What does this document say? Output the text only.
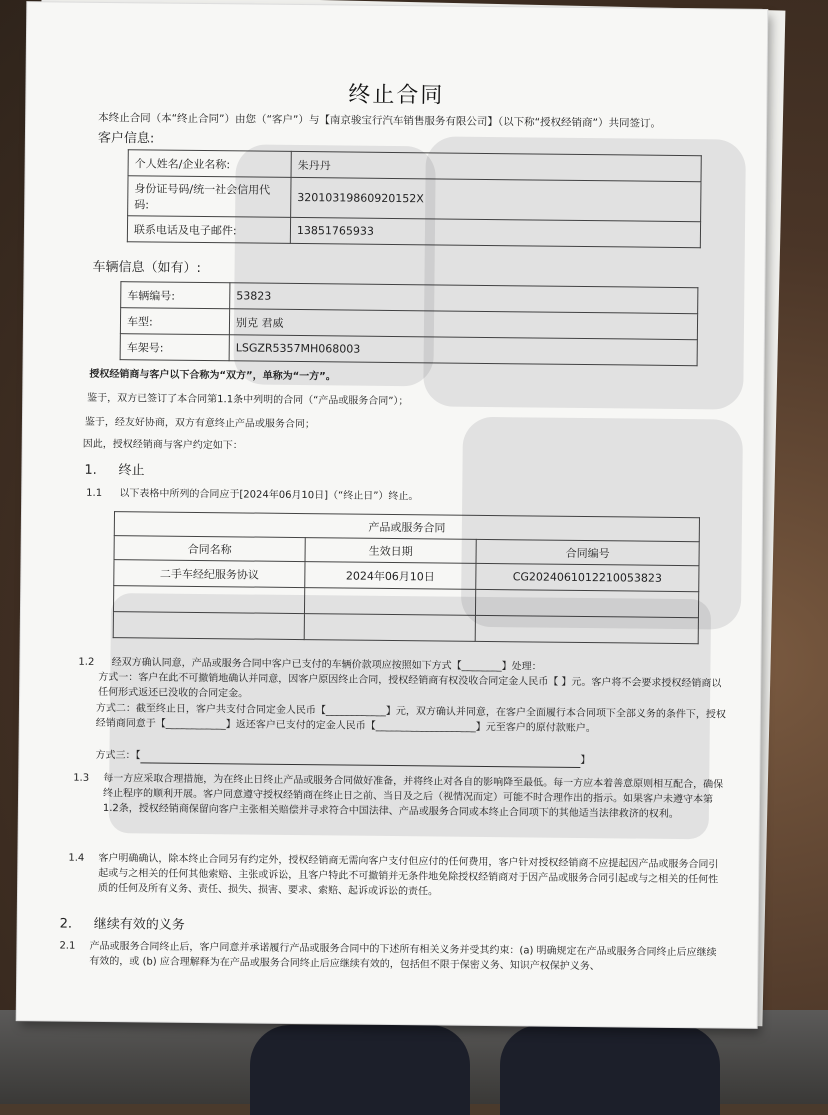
终止合同
本终止合同（本“终止合同”）由您（“客户”）与【南京骏宝行汽车销售服务有限公司】（以下称“授权经销商”）共同签订。
客户信息:
个人姓名/企业名称:	朱丹丹
身份证号码/统一社会信用代码:	32010319860920152X
联系电话及电子邮件:	13851765933
车辆信息（如有）:
车辆编号:	53823
车型:	别克 君威
车架号:	LSGZR5357MH068003
授权经销商与客户以下合称为“双方”，单称为“一方”。
鉴于，双方已签订了本合同第1.1条中列明的合同（“产品或服务合同”）；
鉴于，经友好协商，双方有意终止产品或服务合同；
因此，授权经销商与客户约定如下：
1. 终止
1.1 以下表格中所列的合同应于[2024年06月10日]（“终止日”）终止。
产品或服务合同		
合同名称	生效日期	合同编号
二手车经纪服务协议	2024年06月10日	CG2024061012210053823

1.2 经双方确认同意，产品或服务合同中客户已支付的车辆价款项应按照如下方式【________】处理：
方式一：客户在此不可撤销地确认并同意，因客户原因终止合同，授权经销商有权没收合同定金人民币【 】元。客户将不会要求授权经销商以任何形式返还已没收的合同定金。
方式二：截至终止日，客户共支付合同定金人民币【____________】元，双方确认并同意，在客户全面履行本合同项下全部义务的条件下，授权经销商同意于【____________】返还客户已支付的定金人民币【____________________】元至客户的原付款账户。
方式三：【	】
1.3	每一方应采取合理措施，为在终止日终止产品或服务合同做好准备，并将终止对各自的影响降至最低。每一方应本着善意原则相互配合，确保终止程序的顺利开展。客户同意遵守授权经销商在终止日之前、当日及之后（视情况而定）可能不时合理作出的指示。如果客户未遵守本第1.2条，授权经销商保留向客户主张相关赔偿并寻求符合中国法律、产品或服务合同或本终止合同项下的其他适当法律救济的权利。
1.4	客户明确确认，除本终止合同另有约定外，授权经销商无需向客户支付但应付的任何费用，客户针对授权经销商不应提起因产品或服务合同引起或与之相关的任何其他索赔、主张或诉讼，且客户特此不可撤销并无条件地免除授权经销商对于因产品或服务合同引起或与之相关的任何性质的任何及所有义务、责任、损失、损害、要求、索赔、起诉或诉讼的责任。
2. 继续有效的义务
2.1	产品或服务合同终止后，客户同意并承诺履行产品或服务合同中的下述所有相关义务并受其约束：(a) 明确规定在产品或服务合同终止后应继续有效的，或 (b) 应合理解释为在产品或服务合同终止后应继续有效的，包括但不限于保密义务、知识产权保护义务、
